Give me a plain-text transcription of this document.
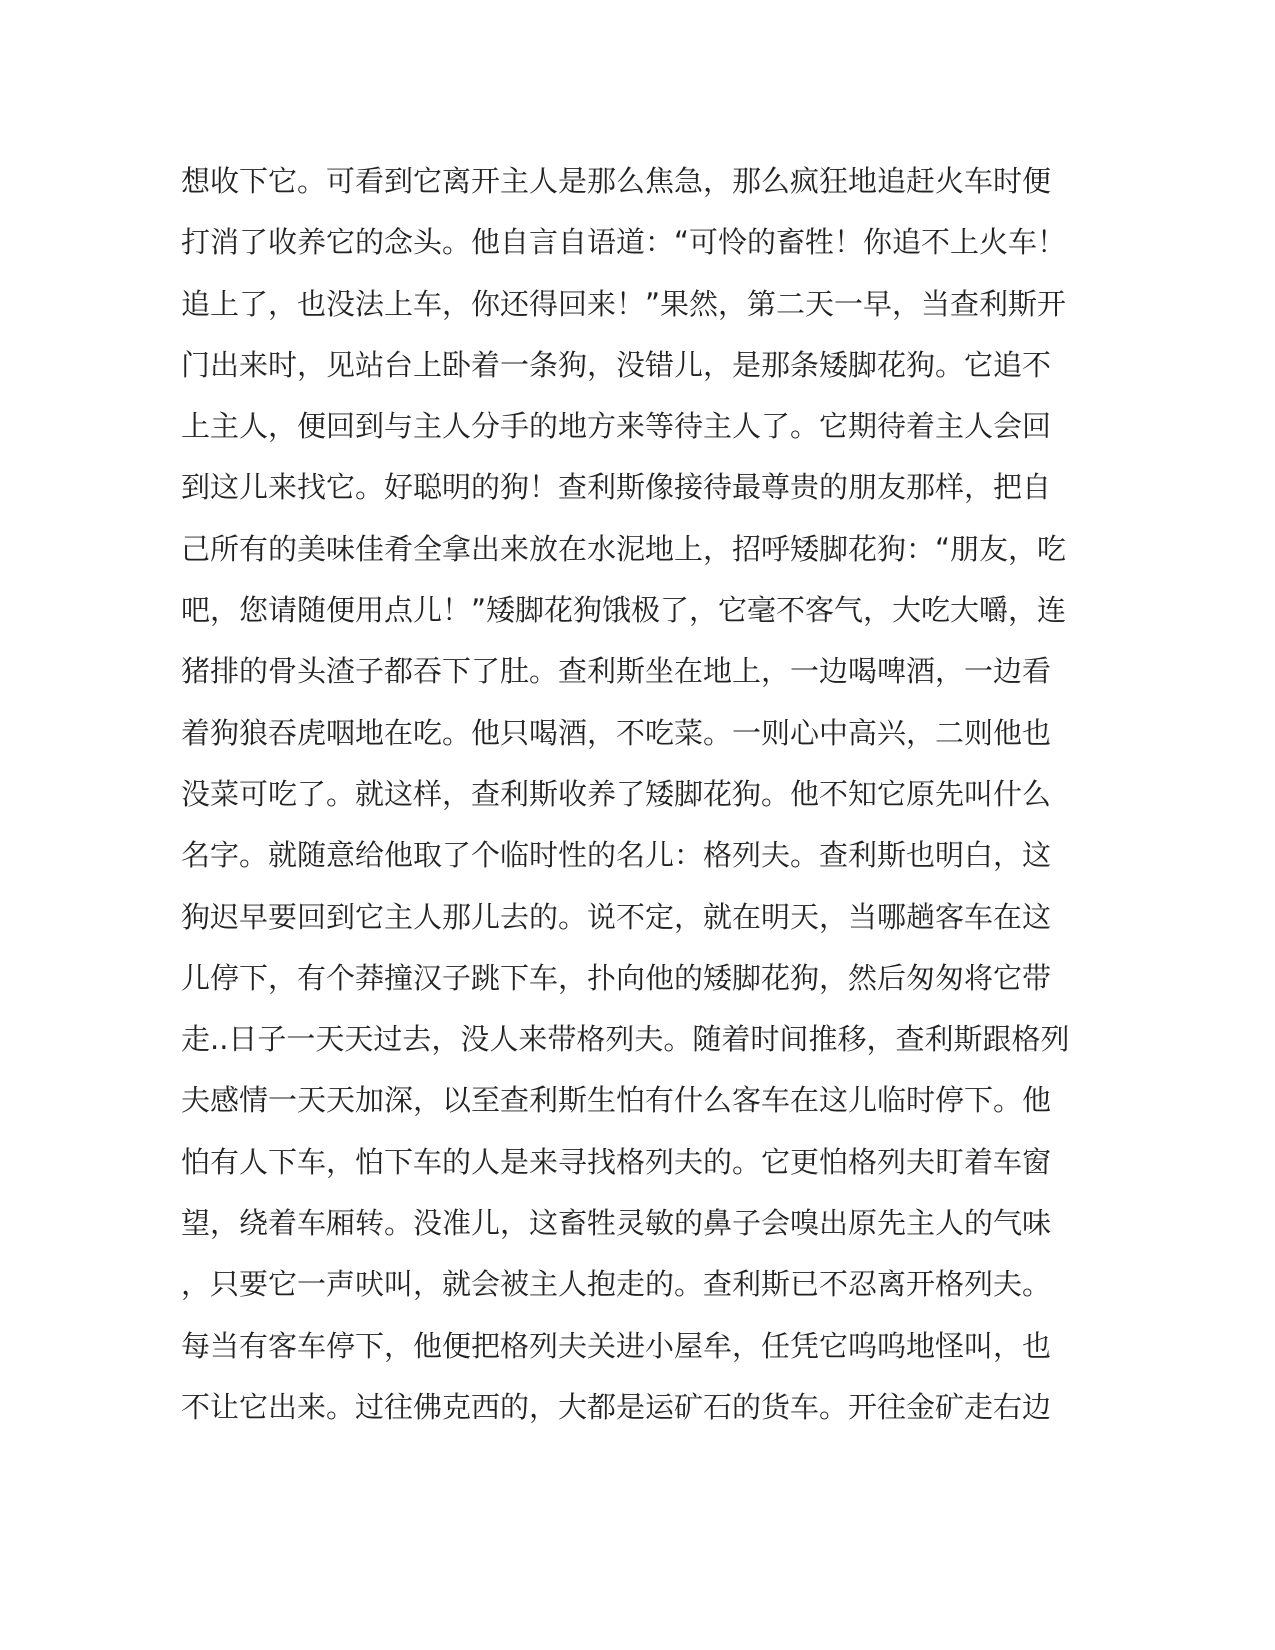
想收下它。可看到它离开主人是那么焦急，那么疯狂地追赶火车时便
打消了收养它的念头。他自言自语道：“可怜的畜牲！你追不上火车！
追上了，也没法上车，你还得回来！”果然，第二天一早，当查利斯开
门出来时，见站台上卧着一条狗，没错儿，是那条矮脚花狗。它追不
上主人，便回到与主人分手的地方来等待主人了。它期待着主人会回
到这儿来找它。好聪明的狗！查利斯像接待最尊贵的朋友那样，把自
己所有的美味佳肴全拿出来放在水泥地上，招呼矮脚花狗：“朋友，吃
吧，您请随便用点儿！”矮脚花狗饿极了，它毫不客气，大吃大嚼，连
猪排的骨头渣子都吞下了肚。查利斯坐在地上，一边喝啤酒，一边看
着狗狼吞虎咽地在吃。他只喝酒，不吃菜。一则心中高兴，二则他也
没菜可吃了。就这样，查利斯收养了矮脚花狗。他不知它原先叫什么
名字。就随意给他取了个临时性的名儿：格列夫。查利斯也明白，这
狗迟早要回到它主人那儿去的。说不定，就在明天，当哪趟客车在这
儿停下，有个莽撞汉子跳下车，扑向他的矮脚花狗，然后匆匆将它带
走..日子一天天过去，没人来带格列夫。随着时间推移，查利斯跟格列
夫感情一天天加深，以至查利斯生怕有什么客车在这儿临时停下。他
怕有人下车，怕下车的人是来寻找格列夫的。它更怕格列夫盯着车窗
望，绕着车厢转。没准儿，这畜牲灵敏的鼻子会嗅出原先主人的气味
，只要它一声吠叫，就会被主人抱走的。查利斯已不忍离开格列夫。
每当有客车停下，他便把格列夫关进小屋牟，任凭它呜呜地怪叫，也
不让它出来。过往佛克西的，大都是运矿石的货车。开往金矿走右边
